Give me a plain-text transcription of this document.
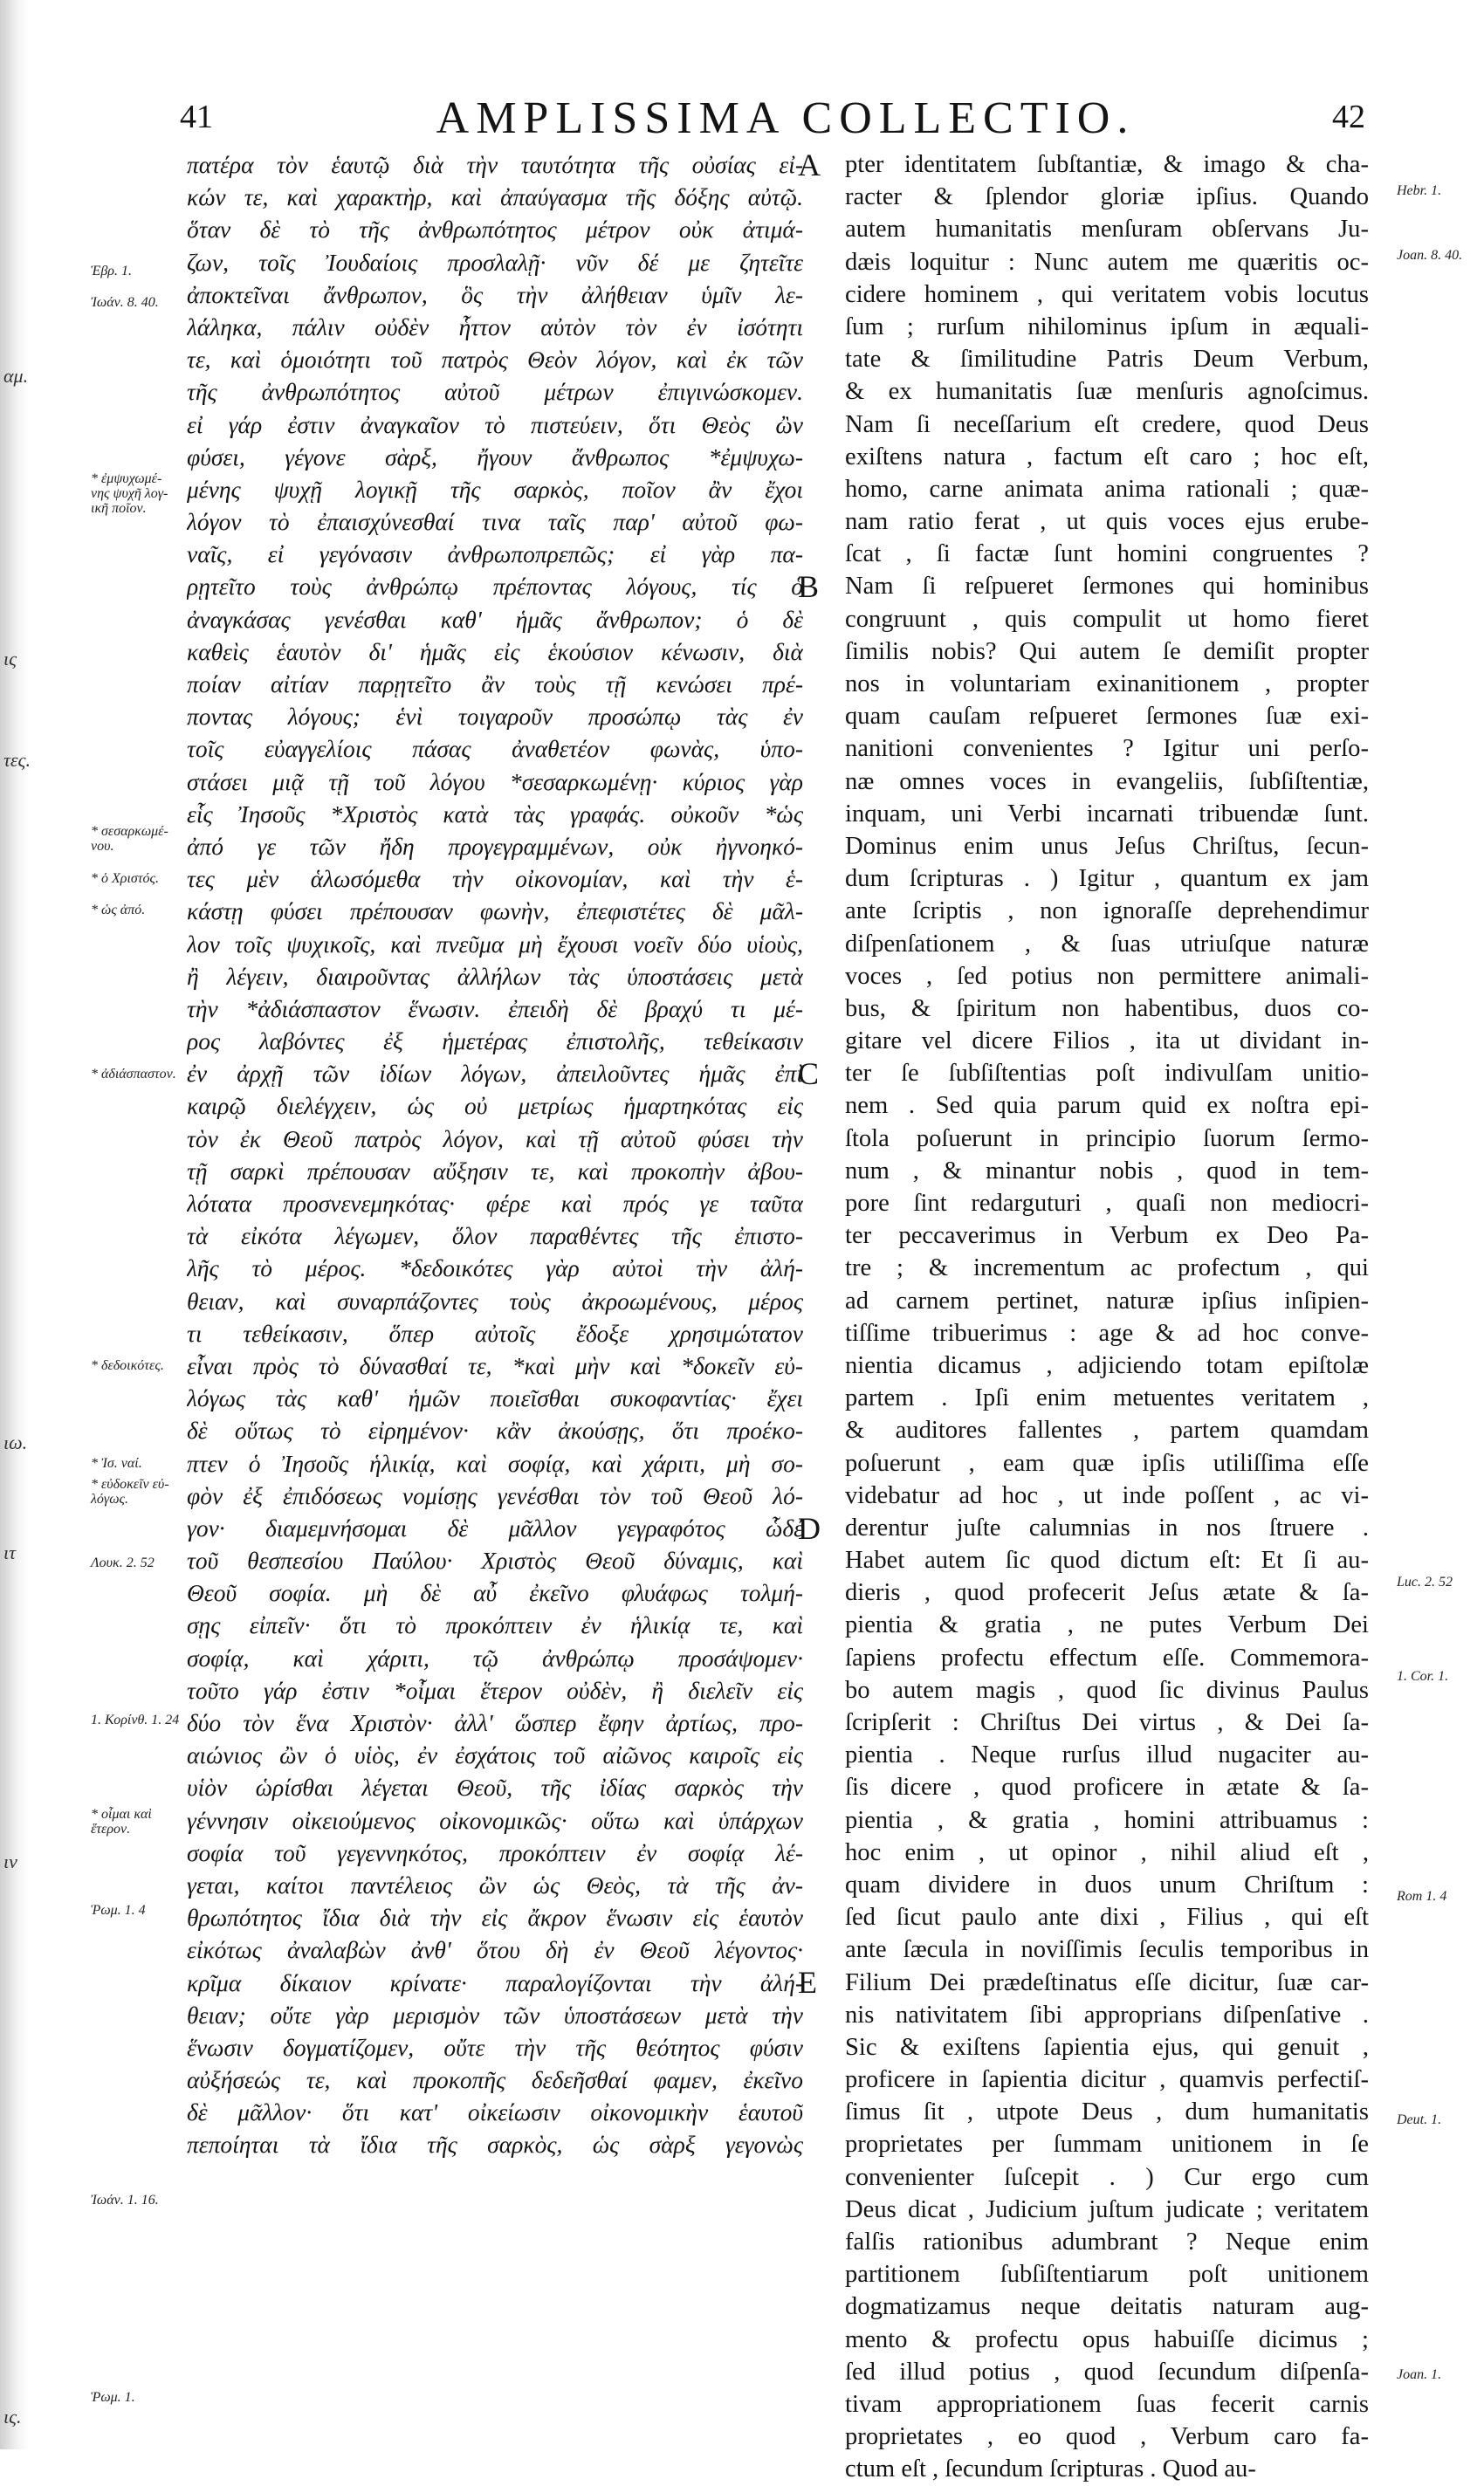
αμ.
ις
τες.
ιω.
ιτ
ιν
ις.
41	AMPLISSIMA COLLECTIO.	42
A
B
C
D
E
Ἑβρ. 1.
Ἰωάν. 8. 40.
* ἐμψυχωμέ- νης ψυχῆ λογ- ικῆ ποῖον.
* σεσαρκωμέ- νου.
* ὁ Χριστός.
* ὡς ἀπό.
* ἀδιάσπαστον.
* δεδοικότες.
* Ἰσ. ναί.
* εὐδοκεῖν εὐ- λόγως.
Λουκ. 2. 52
1. Κορίνθ. 1. 24
* οἶμαι καὶ ἕτερον.
Ῥωμ. 1. 4
Ἰωάν. 1. 16.
Ῥωμ. 1.
Hebr. 1.
Joan. 8. 40.
Luc. 2. 52
1. Cor. 1.
Rom 1. 4
Deut. 1.
Joan. 1.
πατέρα τὸν ἑαυτῷ διὰ τὴν ταυτότητα τῆς οὐσίας εἰ-
κών τε, καὶ χαρακτὴρ, καὶ ἀπαύγασμα τῆς δόξης αὐτῷ.
ὅταν δὲ τὸ τῆς ἀνθρωπότητος μέτρον οὐκ ἀτιμά-
ζων, τοῖς Ἰουδαίοις προσλαλῇ· νῦν δέ με ζητεῖτε
ἀποκτεῖναι ἄνθρωπον, ὃς τὴν ἀλήθειαν ὑμῖν λε-
λάληκα, πάλιν οὐδὲν ἧττον αὐτὸν τὸν ἐν ἰσότητι
τε, καὶ ὁμοιότητι τοῦ πατρὸς Θεὸν λόγον, καὶ ἐκ τῶν
τῆς ἀνθρωπότητος αὐτοῦ μέτρων ἐπιγινώσκομεν.
εἰ γάρ ἐστιν ἀναγκαῖον τὸ πιστεύειν, ὅτι Θεὸς ὢν
φύσει, γέγονε σὰρξ, ἤγουν ἄνθρωπος *ἐμψυχω-
μένης ψυχῇ λογικῇ τῆς σαρκὸς, ποῖον ἂν ἔχοι
λόγον τὸ ἐπαισχύνεσθαί τινα ταῖς παρ' αὐτοῦ φω-
ναῖς, εἰ γεγόνασιν ἀνθρωποπρεπῶς; εἰ γὰρ πα-
ρῃτεῖτο τοὺς ἀνθρώπῳ πρέποντας λόγους, τίς ὁ
ἀναγκάσας γενέσθαι καθ' ἡμᾶς ἄνθρωπον; ὁ δὲ
καθεὶς ἑαυτὸν δι' ἡμᾶς εἰς ἑκούσιον κένωσιν, διὰ
ποίαν αἰτίαν παρῃτεῖτο ἂν τοὺς τῇ κενώσει πρέ-
ποντας λόγους; ἑνὶ τοιγαροῦν προσώπῳ τὰς ἐν
τοῖς εὐαγγελίοις πάσας ἀναθετέον φωνὰς, ὑπο-
στάσει μιᾷ τῇ τοῦ λόγου *σεσαρκωμένῃ· κύριος γὰρ
εἷς Ἰησοῦς *Χριστὸς κατὰ τὰς γραφάς. οὐκοῦν *ὡς
ἀπό γε τῶν ἤδη προγεγραμμένων, οὐκ ἠγνοηκό-
τες μὲν ἁλωσόμεθα τὴν οἰκονομίαν, καὶ τὴν ἑ-
κάστῃ φύσει πρέπουσαν φωνὴν, ἐπεφιστέτες δὲ μᾶλ-
λον τοῖς ψυχικοῖς, καὶ πνεῦμα μὴ ἔχουσι νοεῖν δύο υἱοὺς,
ἢ λέγειν, διαιροῦντας ἀλλήλων τὰς ὑποστάσεις μετὰ
τὴν *ἀδιάσπαστον ἕνωσιν. ἐπειδὴ δὲ βραχύ τι μέ-
ρος λαβόντες ἐξ ἡμετέρας ἐπιστολῆς, τεθείκασιν
ἐν ἀρχῇ τῶν ἰδίων λόγων, ἀπειλοῦντες ἡμᾶς ἐπὶ
καιρῷ διελέγχειν, ὡς οὐ μετρίως ἡμαρτηκότας εἰς
τὸν ἐκ Θεοῦ πατρὸς λόγον, καὶ τῇ αὐτοῦ φύσει τὴν
τῇ σαρκὶ πρέπουσαν αὔξησιν τε, καὶ προκοπὴν ἀβου-
λότατα προσνενεμηκότας· φέρε καὶ πρός γε ταῦτα
τὰ εἰκότα λέγωμεν, ὅλον παραθέντες τῆς ἐπιστο-
λῆς τὸ μέρος. *δεδοικότες γὰρ αὐτοὶ τὴν ἀλή-
θειαν, καὶ συναρπάζοντες τοὺς ἀκροωμένους, μέρος
τι τεθείκασιν, ὅπερ αὐτοῖς ἔδοξε χρησιμώτατον
εἶναι πρὸς τὸ δύνασθαί τε, *καὶ μὴν καὶ *δοκεῖν εὐ-
λόγως τὰς καθ' ἡμῶν ποιεῖσθαι συκοφαντίας· ἔχει
δὲ οὕτως τὸ εἰρημένον· κἂν ἀκούσῃς, ὅτι προέκο-
πτεν ὁ Ἰησοῦς ἡλικίᾳ, καὶ σοφίᾳ, καὶ χάριτι, μὴ σο-
φὸν ἐξ ἐπιδόσεως νομίσῃς γενέσθαι τὸν τοῦ Θεοῦ λό-
γον· διαμεμνήσομαι δὲ μᾶλλον γεγραφότος ὧδέ
τοῦ θεσπεσίου Παύλου· Χριστὸς Θεοῦ δύναμις, καὶ
Θεοῦ σοφία. μὴ δὲ αὖ ἐκεῖνο φλυάφως τολμή-
σῃς εἰπεῖν· ὅτι τὸ προκόπτειν ἐν ἡλικίᾳ τε, καὶ
σοφίᾳ, καὶ χάριτι, τῷ ἀνθρώπῳ προσάψομεν·
τοῦτο γάρ ἐστιν *οἶμαι ἕτερον οὐδὲν, ἢ διελεῖν εἰς
δύο τὸν ἕνα Χριστὸν· ἀλλ' ὥσπερ ἔφην ἀρτίως, προ-
αιώνιος ὢν ὁ υἱὸς, ἐν ἐσχάτοις τοῦ αἰῶνος καιροῖς εἰς
υἱὸν ὡρίσθαι λέγεται Θεοῦ, τῆς ἰδίας σαρκὸς τὴν
γέννησιν οἰκειούμενος οἰκονομικῶς· οὕτω καὶ ὑπάρχων
σοφία τοῦ γεγεννηκότος, προκόπτειν ἐν σοφίᾳ λέ-
γεται, καίτοι παντέλειος ὢν ὡς Θεὸς, τὰ τῆς ἀν-
θρωπότητος ἴδια διὰ τὴν εἰς ἄκρον ἕνωσιν εἰς ἑαυτὸν
εἰκότως ἀναλαβὼν ἀνθ' ὅτου δὴ ἐν Θεοῦ λέγοντος·
κρῖμα δίκαιον κρίνατε· παραλογίζονται τὴν ἀλή-
θειαν; οὔτε γὰρ μερισμὸν τῶν ὑποστάσεων μετὰ τὴν
ἕνωσιν δογματίζομεν, οὔτε τὴν τῆς θεότητος φύσιν
αὐξήσεώς τε, καὶ προκοπῆς δεδεῆσθαί φαμεν, ἐκεῖνο
δὲ μᾶλλον· ὅτι κατ' οἰκείωσιν οἰκονομικὴν ἑαυτοῦ
πεποίηται τὰ ἴδια τῆς σαρκὸς, ὡς σὰρξ γεγονὼς
pter identitatem ſubſtantiæ, & imago & cha-
racter & ſplendor gloriæ ipſius. Quando
autem humanitatis menſuram obſervans Ju-
dæis loquitur : Nunc autem me quæritis oc-
cidere hominem , qui veritatem vobis locutus
ſum ; rurſum nihilominus ipſum in æquali-
tate & ſimilitudine Patris Deum Verbum,
& ex humanitatis ſuæ menſuris agnoſcimus.
Nam ſi neceſſarium eſt credere, quod Deus
exiſtens natura , factum eſt caro ; hoc eſt,
homo, carne animata anima rationali ; quæ-
nam ratio ferat , ut quis voces ejus erube-
ſcat , ſi factæ ſunt homini congruentes ?
Nam ſi reſpueret ſermones qui hominibus
congruunt , quis compulit ut homo fieret
ſimilis nobis? Qui autem ſe demiſit propter
nos in voluntariam exinanitionem , propter
quam cauſam reſpueret ſermones ſuæ exi-
nanitioni convenientes ? Igitur uni perſo-
næ omnes voces in evangeliis, ſubſiſtentiæ,
inquam, uni Verbi incarnati tribuendæ ſunt.
Dominus enim unus Jeſus Chriſtus, ſecun-
dum ſcripturas . ) Igitur , quantum ex jam
ante ſcriptis , non ignoraſſe deprehendimur
diſpenſationem , & ſuas utriuſque naturæ
voces , ſed potius non permittere animali-
bus, & ſpiritum non habentibus, duos co-
gitare vel dicere Filios , ita ut dividant in-
ter ſe ſubſiſtentias poſt indivulſam unitio-
nem . Sed quia parum quid ex noſtra epi-
ſtola poſuerunt in principio ſuorum ſermo-
num , & minantur nobis , quod in tem-
pore ſint redarguturi , quaſi non mediocri-
ter peccaverimus in Verbum ex Deo Pa-
tre ; & incrementum ac profectum , qui
ad carnem pertinet, naturæ ipſius inſipien-
tiſſime tribuerimus : age & ad hoc conve-
nientia dicamus , adjiciendo totam epiſtolæ
partem . Ipſi enim metuentes veritatem ,
& auditores fallentes , partem quamdam
poſuerunt , eam quæ ipſis utiliſſima eſſe
videbatur ad hoc , ut inde poſſent , ac vi-
derentur juſte calumnias in nos ſtruere .
Habet autem ſic quod dictum eſt: Et ſi au-
dieris , quod profecerit Jeſus ætate & ſa-
pientia & gratia , ne putes Verbum Dei
ſapiens profectu effectum eſſe. Commemora-
bo autem magis , quod ſic divinus Paulus
ſcripſerit : Chriſtus Dei virtus , & Dei ſa-
pientia . Neque rurſus illud nugaciter au-
ſis dicere , quod proficere in ætate & ſa-
pientia , & gratia , homini attribuamus :
hoc enim , ut opinor , nihil aliud eſt ,
quam dividere in duos unum Chriſtum :
ſed ſicut paulo ante dixi , Filius , qui eſt
ante ſæcula in noviſſimis ſeculis temporibus in
Filium Dei prædeſtinatus eſſe dicitur, ſuæ car-
nis nativitatem ſibi approprians diſpenſative .
Sic & exiſtens ſapientia ejus, qui genuit ,
proficere in ſapientia dicitur , quamvis perfectiſ-
ſimus ſit , utpote Deus , dum humanitatis
proprietates per ſummam unitionem in ſe
convenienter ſuſcepit . ) Cur ergo cum
Deus dicat , Judicium juſtum judicate ; veritatem
falſis rationibus adumbrant ? Neque enim
partitionem ſubſiſtentiarum poſt unitionem
dogmatizamus neque deitatis naturam aug-
mento & profectu opus habuiſſe dicimus ;
ſed illud potius , quod ſecundum diſpenſa-
tivam appropriationem ſuas fecerit carnis
proprietates , eo quod , Verbum caro fa-
ctum eſt , ſecundum ſcripturas . Quod au-
